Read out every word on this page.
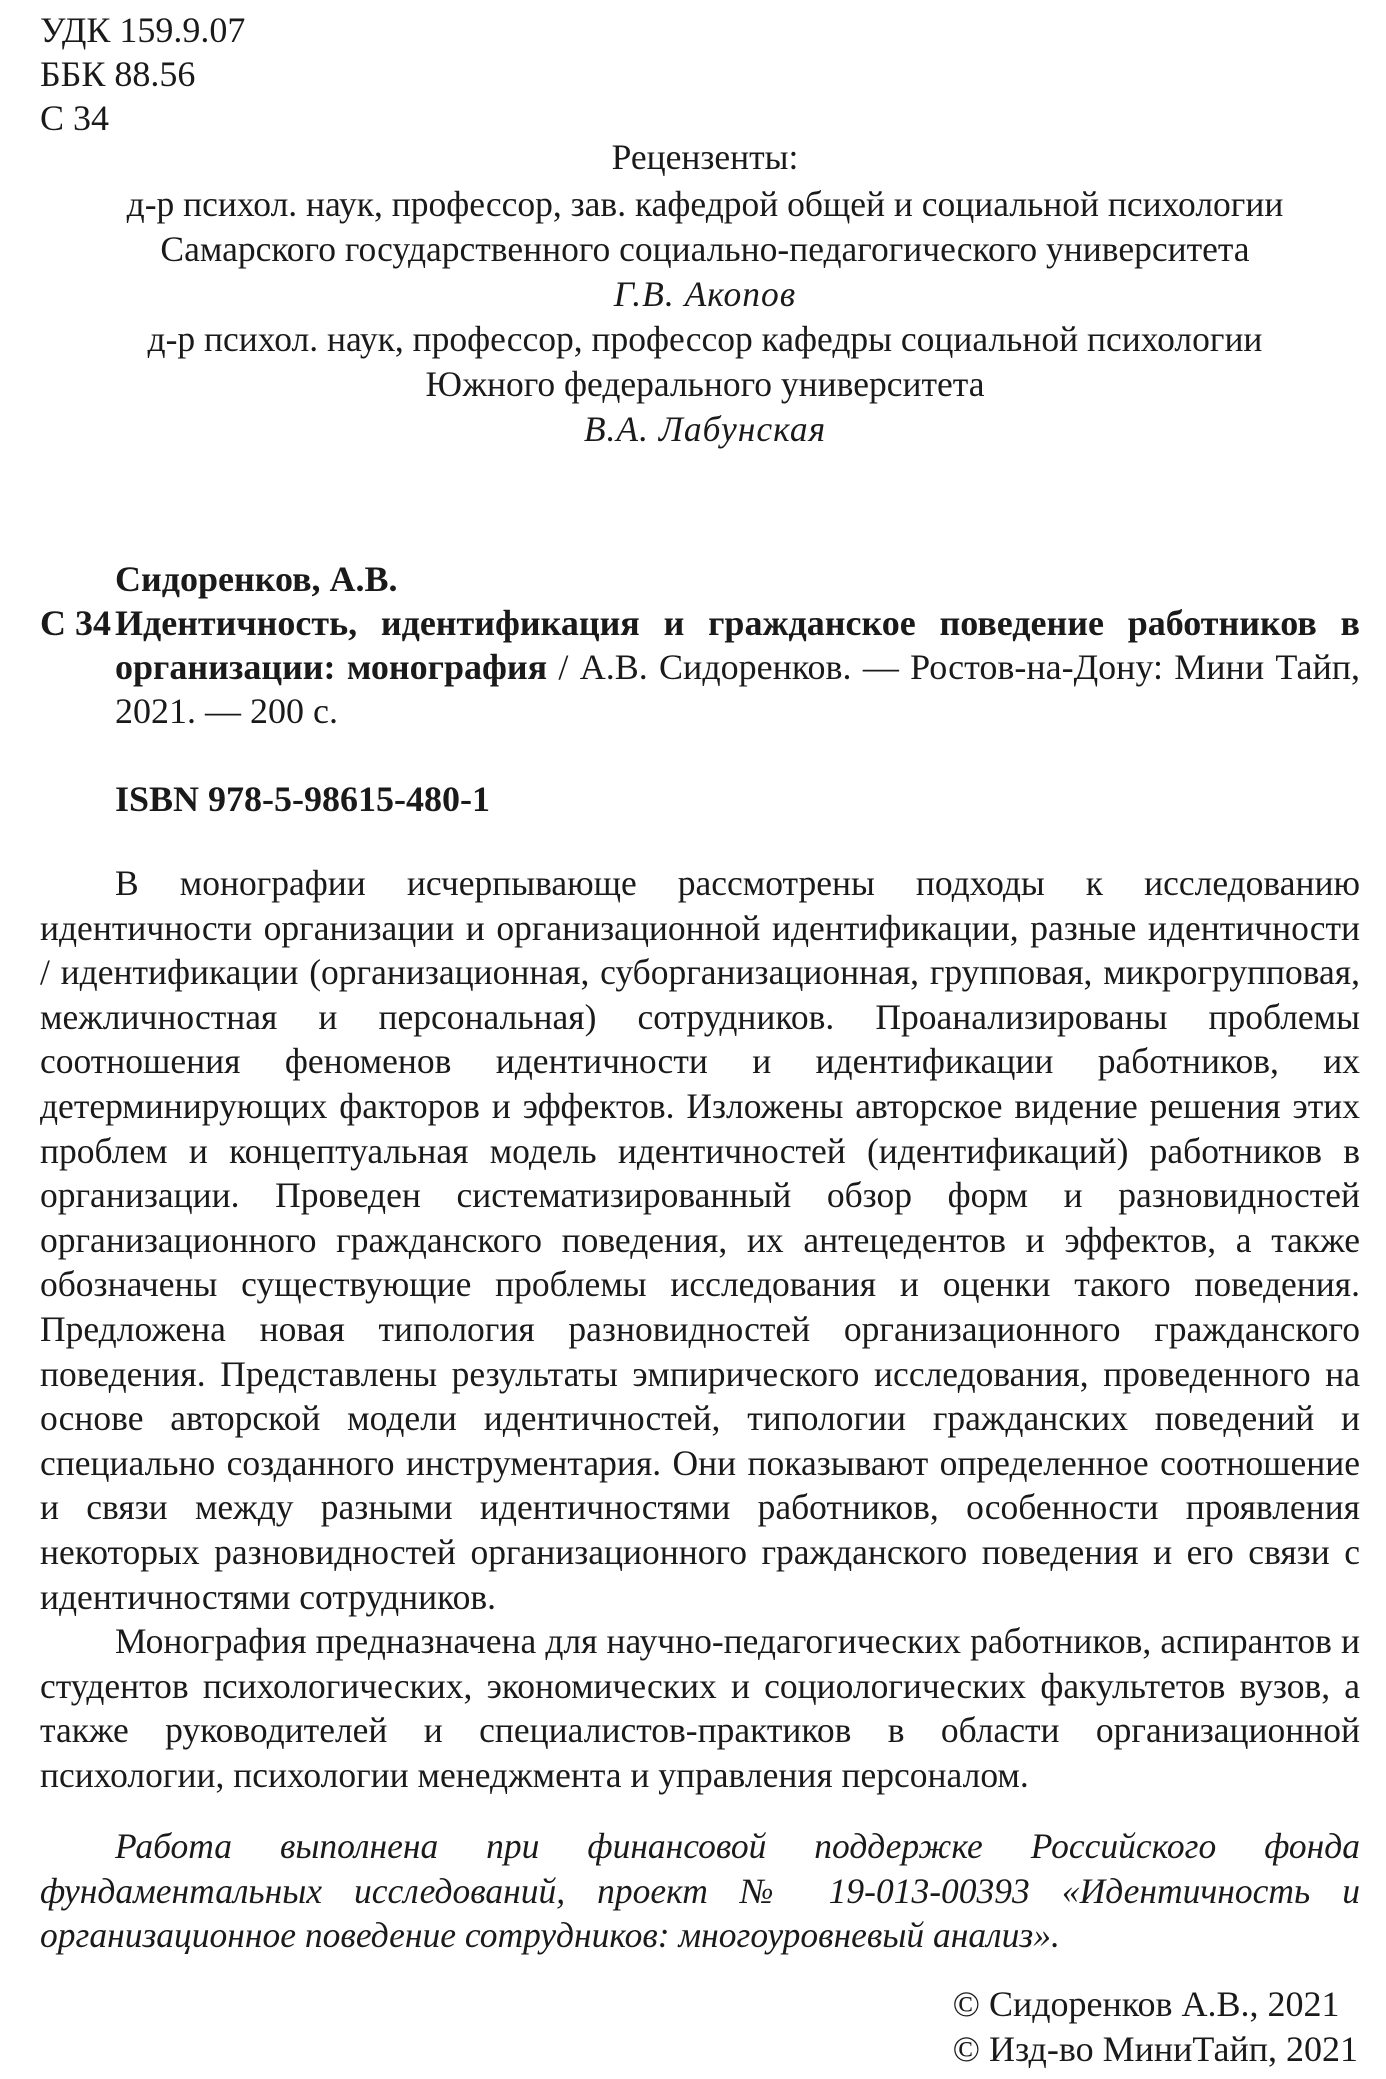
УДК 159.9.07
ББК 88.56
С 34
Рецензенты:
д-р психол. наук, профессор, зав. кафедрой общей и социальной психологии
Самарского государственного социально-педагогического университета
Г.В. Акопов
д-р психол. наук, профессор, профессор кафедры социальной психологии
Южного федерального университета
В.А. Лабунская
Сидоренков, А.В.
С 34 Идентичность, идентификация и гражданское поведение работников в организации: монография / А.В. Сидоренков. — Ростов-на-Дону: Мини Тайп, 2021. — 200 с.

ISBN 978-5-98615-480-1

В монографии исчерпывающе рассмотрены подходы к исследованию идентичности организации и организационной идентификации, разные идентичности / идентификации (организационная, суборганизационная, групповая, микрогрупповая, межличностная и персональная) сотрудников. Проанализированы проблемы соотношения феноменов идентичности и идентификации работников, их детерминирующих факторов и эффектов. Изложены авторское видение решения этих проблем и концептуальная модель идентичностей (идентификаций) работников в организации. Проведен систематизированный обзор форм и разновидностей организационного гражданского поведения, их антецедентов и эффектов, а также обозначены существующие проблемы исследования и оценки такого поведения. Предложена новая типология разновидностей организационного гражданского поведения. Представлены результаты эмпирического исследования, проведенного на основе авторской модели идентичностей, типологии гражданских поведений и специально созданного инструментария. Они показывают определенное соотношение и связи между разными идентичностями работников, особенности проявления некоторых разновидностей организационного гражданского поведения и его связи с идентичностями сотрудников.

Монография предназначена для научно-педагогических работников, аспирантов и студентов психологических, экономических и социологических факультетов вузов, а также руководителей и специалистов-практиков в области организационной психологии, психологии менеджмента и управления персоналом.

Работа выполнена при финансовой поддержке Российского фонда фундаментальных исследований, проект № 19-013-00393 «Идентичность и организационное поведение сотрудников: многоуровневый анализ».

© Сидоренков А.В., 2021
© Изд-во МиниТайп, 2021
